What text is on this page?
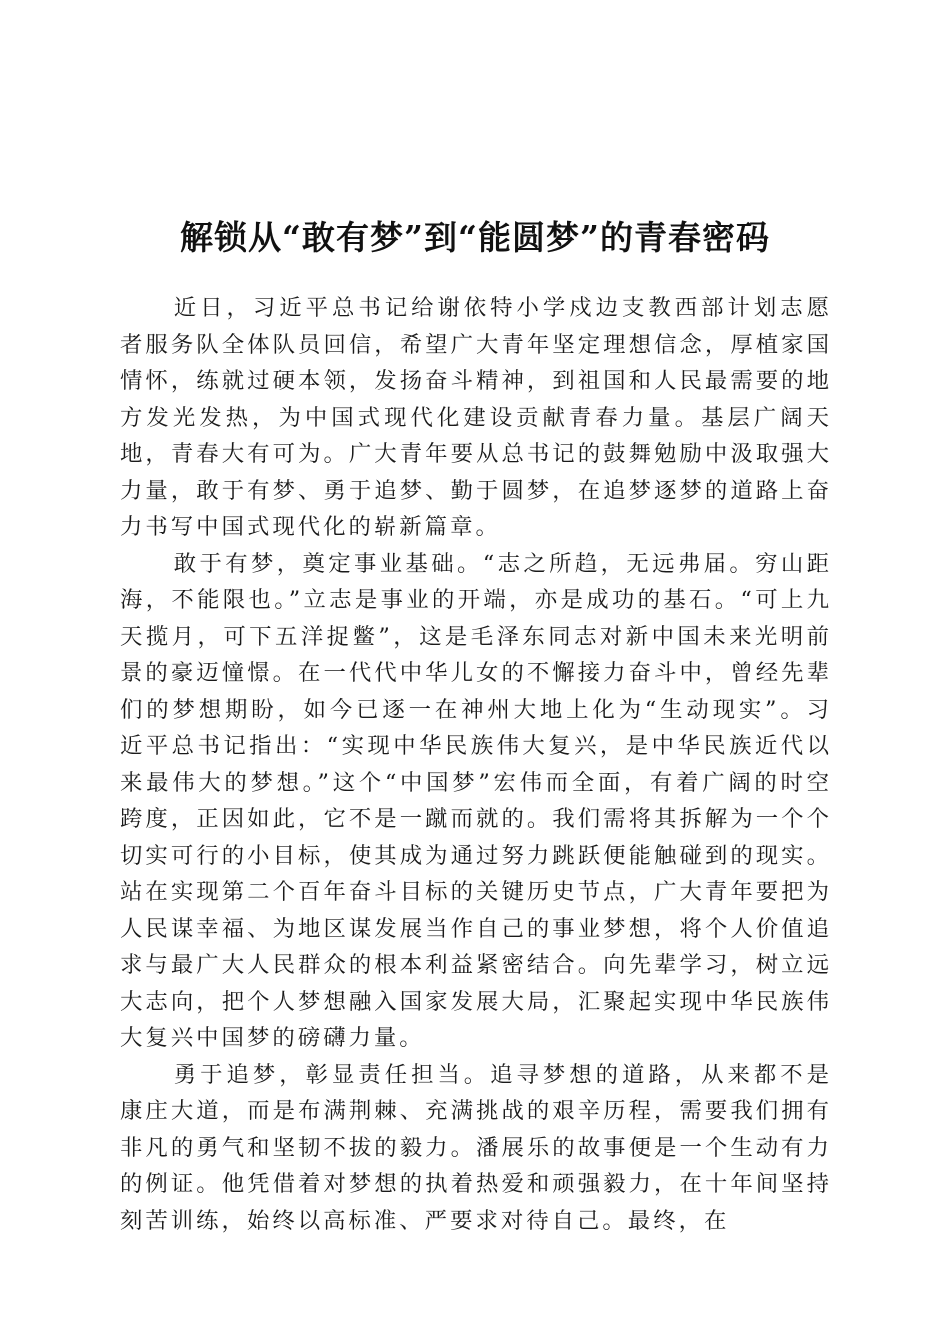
解锁从“敢有梦”到“能圆梦”的青春密码

近日，习近平总书记给谢依特小学戍边支教西部计划志愿者服务队全体队员回信，希望广大青年坚定理想信念，厚植家国情怀，练就过硬本领，发扬奋斗精神，到祖国和人民最需要的地方发光发热，为中国式现代化建设贡献青春力量。基层广阔天地，青春大有可为。广大青年要从总书记的鼓舞勉励中汲取强大力量，敢于有梦、勇于追梦、勤于圆梦，在追梦逐梦的道路上奋力书写中国式现代化的崭新篇章。

敢于有梦，奠定事业基础。“志之所趋，无远弗届。穷山距海，不能限也。”立志是事业的开端，亦是成功的基石。“可上九天揽月，可下五洋捉鳖”，这是毛泽东同志对新中国未来光明前景的豪迈憧憬。在一代代中华儿女的不懈接力奋斗中，曾经先辈们的梦想期盼，如今已逐一在神州大地上化为“生动现实”。习近平总书记指出：“实现中华民族伟大复兴，是中华民族近代以来最伟大的梦想。”这个“中国梦”宏伟而全面，有着广阔的时空跨度，正因如此，它不是一蹴而就的。我们需将其拆解为一个个切实可行的小目标，使其成为通过努力跳跃便能触碰到的现实。站在实现第二个百年奋斗目标的关键历史节点，广大青年要把为人民谋幸福、为地区谋发展当作自己的事业梦想，将个人价值追求与最广大人民群众的根本利益紧密结合。向先辈学习，树立远大志向，把个人梦想融入国家发展大局，汇聚起实现中华民族伟大复兴中国梦的磅礴力量。

勇于追梦，彰显责任担当。追寻梦想的道路，从来都不是康庄大道，而是布满荆棘、充满挑战的艰辛历程，需要我们拥有非凡的勇气和坚韧不拔的毅力。潘展乐的故事便是一个生动有力的例证。他凭借着对梦想的执着热爱和顽强毅力，在十年间坚持刻苦训练，始终以高标准、严要求对待自己。最终，在
